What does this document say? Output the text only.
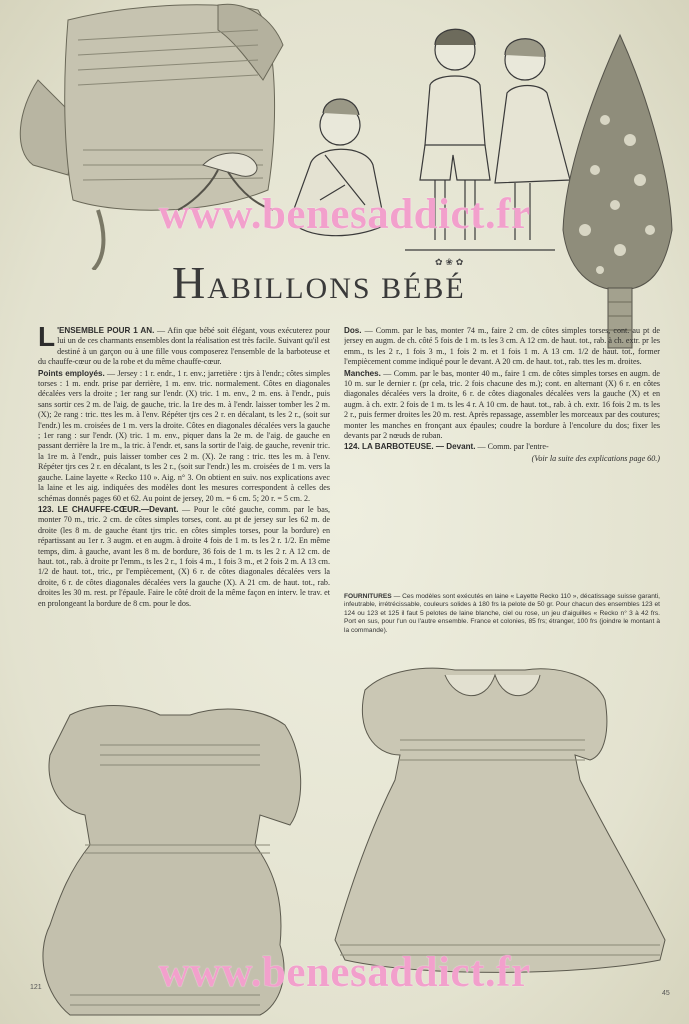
✿ ❀ ✿
HABILLONS BÉBÉ

L 'ENSEMBLE POUR 1 AN. — Afin que bébé soit élégant, vous exécuterez pour lui un de ces charmants ensembles dont la réalisation est très facile. Suivant qu'il est destiné à un garçon ou à une fille vous composerez l'ensemble de la barboteuse et du chauffe-cœur ou de la robe et du même chauffe-cœur.

Points employés. — Jersey : 1 r. endr., 1 r. env.; jarretière : tjrs à l'endr.; côtes simples torses : 1 m. endr. prise par derrière, 1 m. env. tric. normalement. Côtes en diagonales décalées vers la droite ; 1er rang sur l'endr. (X) tric. 1 m. env., 2 m. ens. à l'endr., puis sans sortir ces 2 m. de l'aig. de gauche, tric. la 1re des m. à l'endr. laisser tomber les 2 m. (X); 2e rang : tric. ttes les m. à l'env. Répéter tjrs ces 2 r. en décalant, ts les 2 r., (soit sur l'endr.) les m. croisées de 1 m. vers la droite. Côtes en diagonales décalées vers la gauche ; 1er rang : sur l'endr. (X) tric. 1 m. env., piquer dans la 2e m. de l'aig. de gauche en passant derrière la 1re m., la tric. à l'endr. et, sans la sortir de l'aig. de gauche, revenir tric. la 1re m. à l'endr., puis laisser tomber ces 2 m. (X). 2e rang : tric. ttes les m. à l'env. Répéter tjrs ces 2 r. en décalant, ts les 2 r., (soit sur l'endr.) les m. croisées de 1 m. vers la gauche. Laine layette « Recko 110 ». Aig. n° 3. On obtient en suiv. nos explications avec la laine et les aig. indiquées des modèles dont les mesures correspondent à celles des schémas donnés pages 60 et 62. Au point de jersey, 20 m. = 6 cm. 5; 20 r. = 5 cm. 2.

123. LE CHAUFFE-CŒUR.—Devant. — Pour le côté gauche, comm. par le bas, monter 70 m., tric. 2 cm. de côtes simples torses, cont. au pt de jersey sur les 62 m. de droite (les 8 m. de gauche étant tjrs tric. en côtes simples torses, pour la bordure) en répartissant au 1er r. 3 augm. et en augm. à droite 4 fois de 1 m. ts les 2 r. 1/2. En même temps, dim. à gauche, avant les 8 m. de bordure, 36 fois de 1 m. ts les 2 r. A 12 cm. de haut. tot., rab. à droite pr l'emm., ts les 2 r., 1 fois 4 m., 1 fois 3 m., et 2 fois 2 m. A 13 cm. 1/2 de haut. tot., tric., pr l'empiècement, (X) 6 r. de côtes diagonales décalées vers la droite, 6 r. de côtes diagonales décalées vers la gauche (X). A 21 cm. de haut. tot., rab. droites les 30 m. rest. pr l'épaule. Faire le côté droit de la même façon en interv. le trav. et en prolongeant la bordure de 8 cm. pour le dos.

Dos. — Comm. par le bas, monter 74 m., faire 2 cm. de côtes simples torses, cont. au pt de jersey en augm. de ch. côté 5 fois de 1 m. ts les 3 cm. A 12 cm. de haut. tot., rab. à ch. extr. pr les emm., ts les 2 r., 1 fois 3 m., 1 fois 2 m. et 1 fois 1 m. A 13 cm. 1/2 de haut. tot., former l'empiècement comme indiqué pour le devant. A 20 cm. de haut. tot., rab. ttes les m. droites.

Manches. — Comm. par le bas, monter 40 m., faire 1 cm. de côtes simples torses en augm. de 10 m. sur le dernier r. (pr cela, tric. 2 fois chacune des m.); cont. en alternant (X) 6 r. en côtes diagonales décalées vers la droite, 6 r. de côtes diagonales décalées vers la gauche (X) et en augm. à ch. extr. 2 fois de 1 m. ts les 4 r. A 10 cm. de haut. tot., rab. à ch. extr. 16 fois 2 m. ts les 2 r., puis fermer droites les 20 m. rest. Après repassage, assembler les morceaux par des coutures; monter les manches en fronçant aux épaules; coudre la bordure à l'encolure du dos; fixer les devants par 2 nœuds de ruban.

124. LA BARBOTEUSE. — Devant. — Comm. par l'entre-

(Voir la suite des explications page 60.)

FOURNITURES — Ces modèles sont exécutés en laine « Layette Recko 110 », décatissage suisse garanti, infeutrable, irrétrécissable, couleurs solides à 180 frs la pelote de 50 gr. Pour chacun des ensembles 123 et 124 ou 123 et 125 il faut 5 pelotes de laine blanche, ciel ou rose, un jeu d'aiguilles « Recko n° 3 à 42 frs. Port en sus, pour l'un ou l'autre ensemble. France et colonies, 85 frs; étranger, 100 frs (joindre le montant à la commande).
www.benesaddict.fr
www.benesaddict.fr
121
45
